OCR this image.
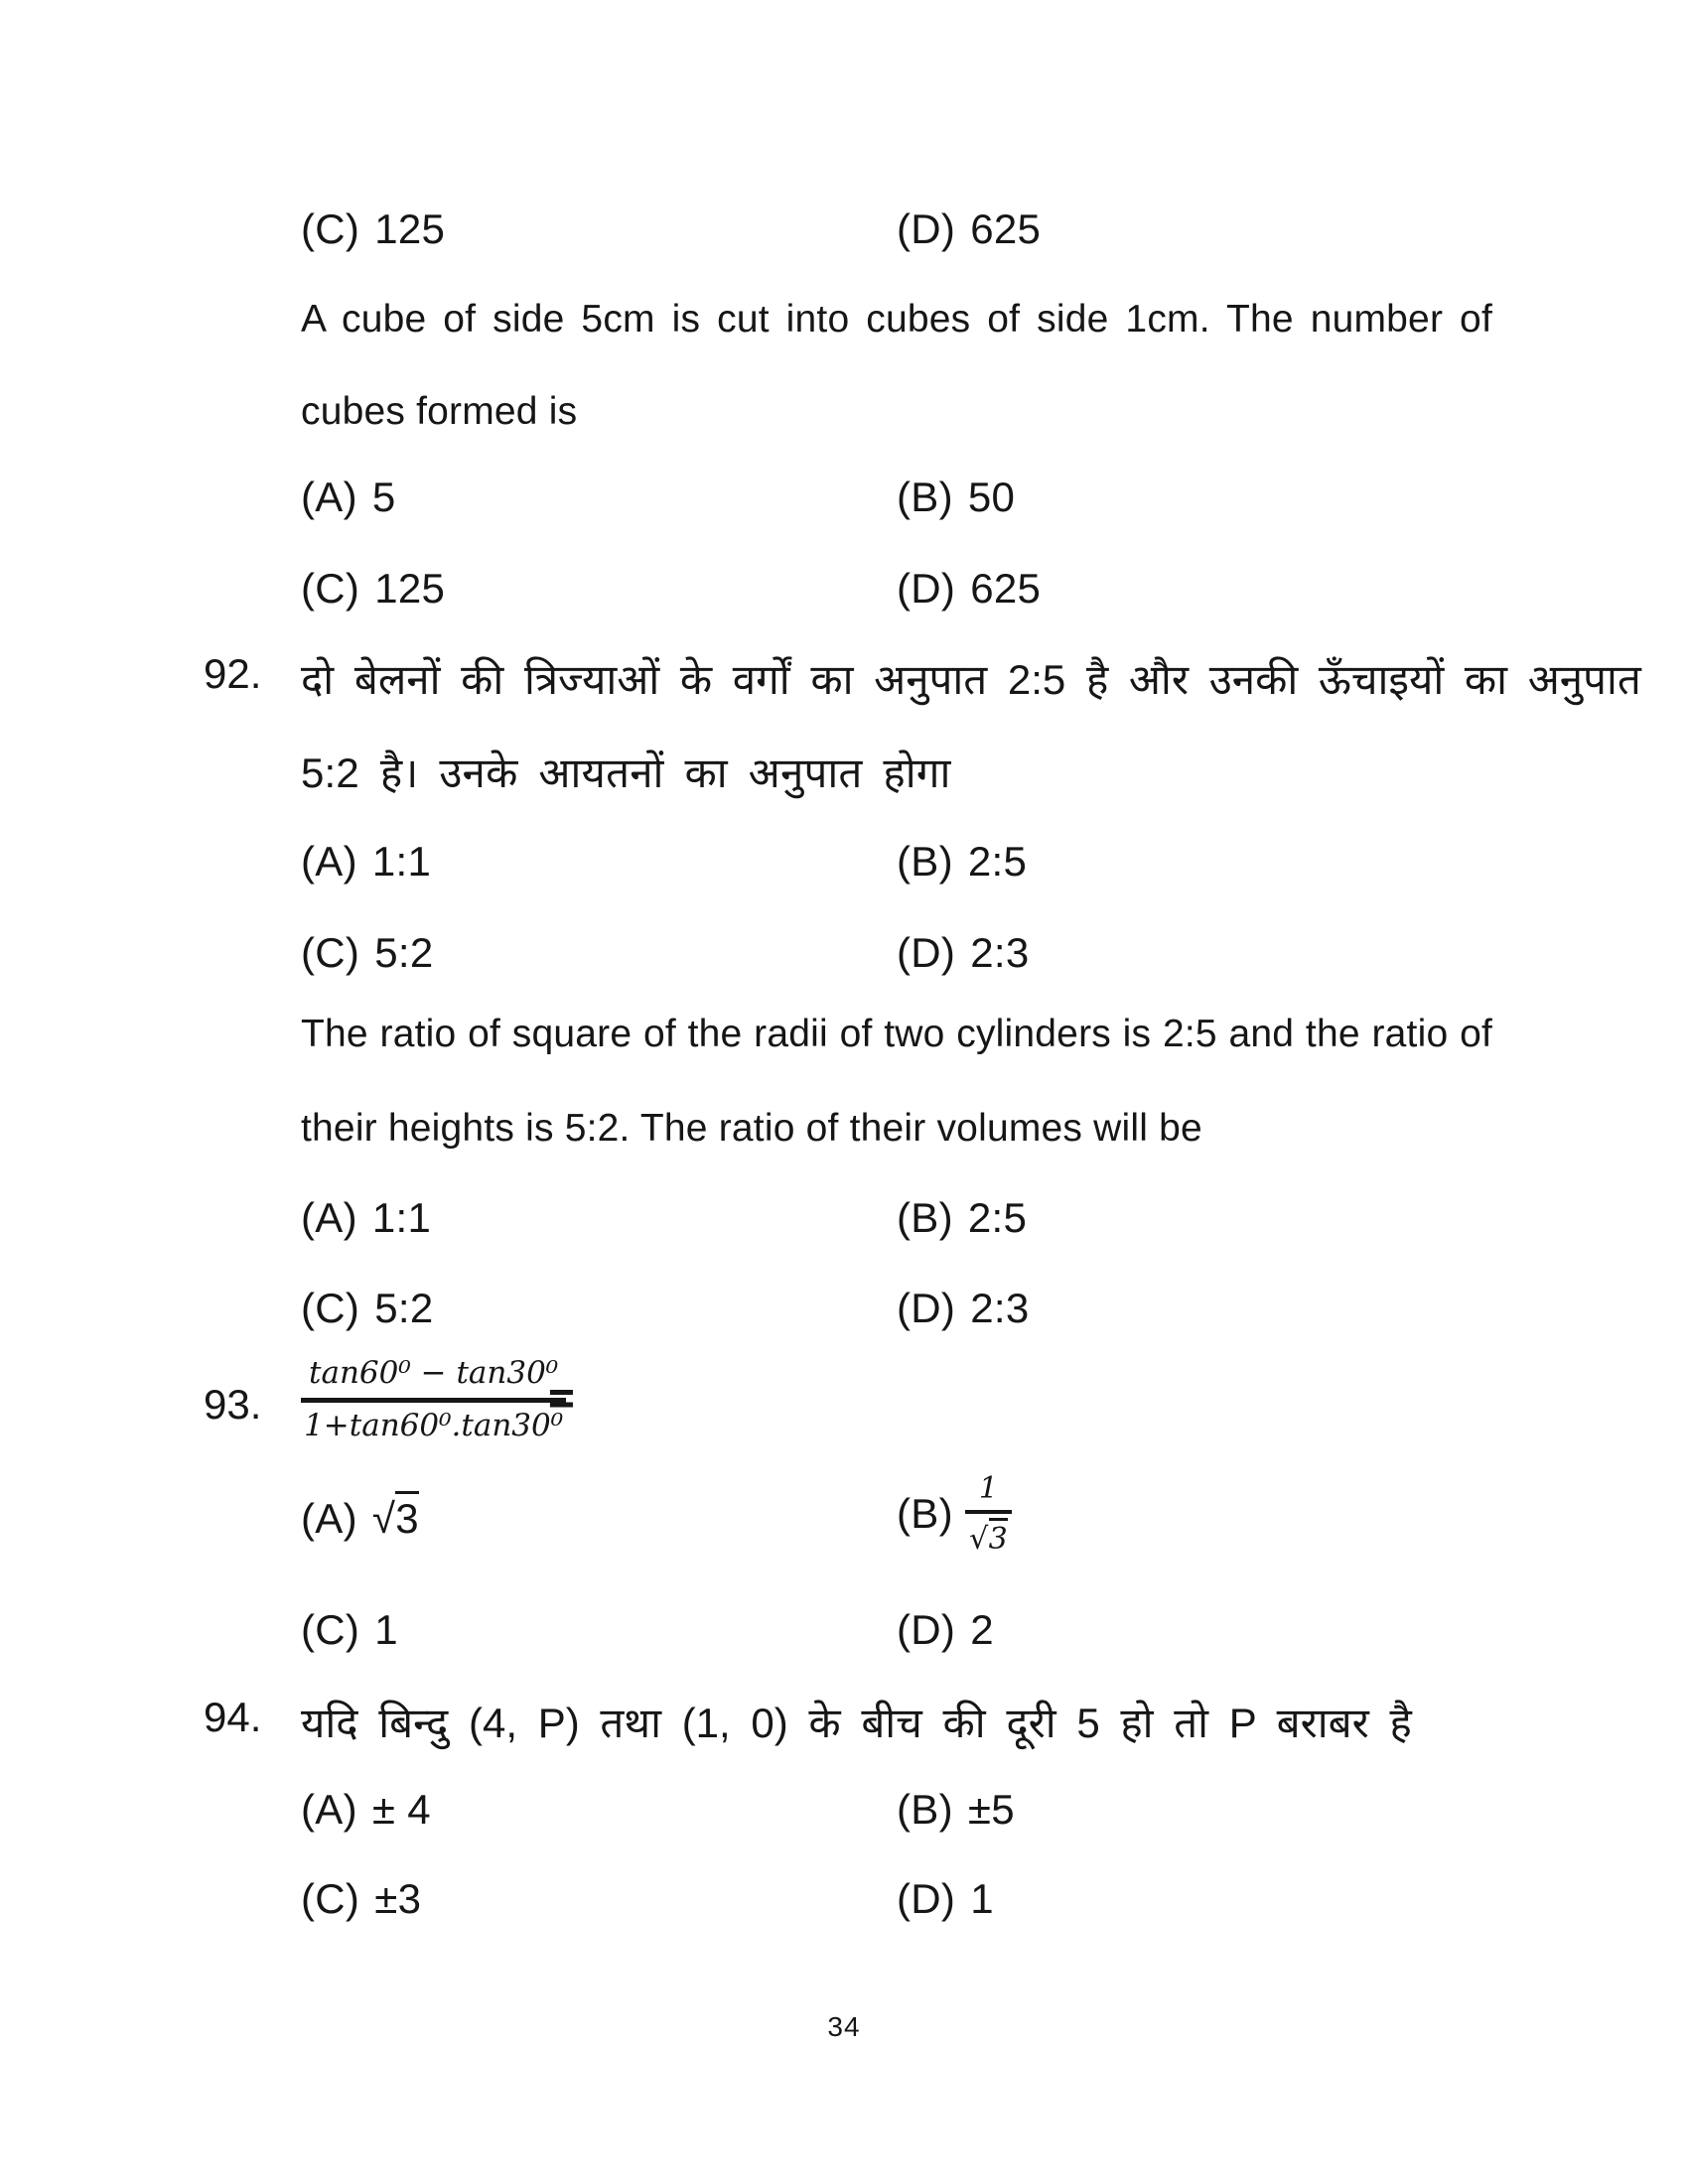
(C) 125	(D) 625
A cube of side 5cm is cut into cubes of side 1cm. The number of
cubes formed is
(A) 5	(B) 50
(C) 125	(D) 625
92. दो बेलनों की त्रिज्याओं के वर्गों का अनुपात 2:5 है और उनकी ऊँचाइयों का अनुपात
5:2 है। उनके आयतनों का अनुपात होगा
(A) 1:1	(B) 2:5
(C) 5:2	(D) 2:3
The ratio of square of the radii of two cylinders is 2:5 and the ratio of
their heights is 5:2. The ratio of their volumes will be
(A) 1:1	(B) 2:5
(C) 5:2	(D) 2:3
93. $\frac{\text{tan60⁰ − tan30⁰}}{\text{1+tan60⁰.tan30⁰}}$
=
(A) √3	$(B) \frac{1}{√3}$
(C) 1	(D) 2
94. यदि बिन्दु (4, P) तथा (1, 0) के बीच की दूरी 5 हो तो P बराबर है
(A) ± 4	(B) ±5
(C) ±3	(D) 1
34
